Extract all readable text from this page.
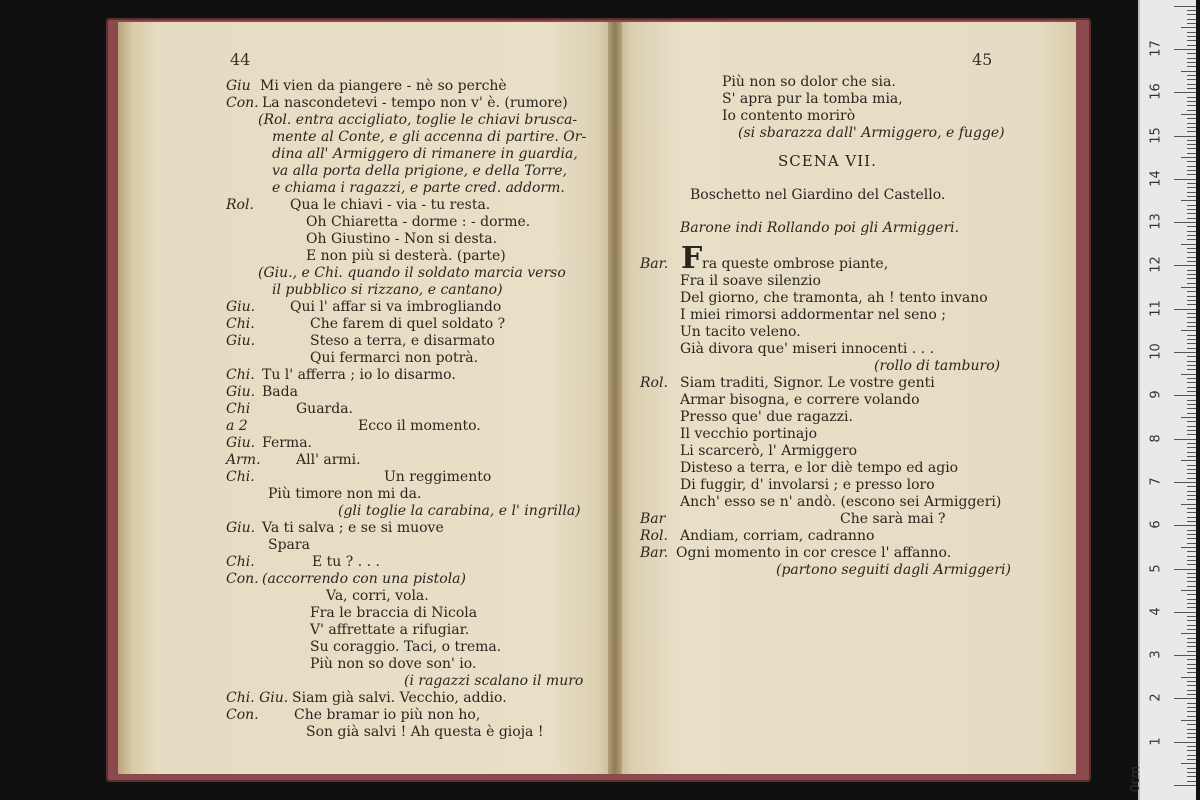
44	45
Giu Mi vien da piangere - nè so perchè
Con. La nascondetevi - tempo non v' è. (rumore)
(Rol. entra accigliato, toglie le chiavi brusca-
mente al Conte, e gli accenna di partire. Or-
dina all' Armiggero di rimanere in guardia,
va alla porta della prigione, e della Torre,
e chiama i ragazzi, e parte cred. addorm.
Rol.	Qua le chiavi - via - tu resta.
Oh Chiaretta - dorme : - dorme.
Oh Giustino - Non si desta.
E non più si desterà. (parte)
(Giu., e Chi. quando il soldato marcia verso
il pubblico si rizzano, e cantano)
Giu. Qui l' affar si va imbrogliando
Chi.	Che farem di quel soldato ?
Giu.	Steso a terra, e disarmato
Qui fermarci non potrà.
Chi. Tu l' afferra ; io lo disarmo.
Giu. Bada
Chi	Guarda.
a 2	Ecco il momento.
Giu. Ferma.
Arm.	All' armi.
Chi.	Un reggimento
Più timore non mi da.
(gli toglie la carabina, e l' ingrilla)
Giu. Va ti salva ; e se si muove
Spara
Chi.	E tu ? . . .
Con. (accorrendo con una pistola)
Va, corri, vola.
Fra le braccia di Nicola
V' affrettate a rifugiar.
Su coraggio. Taci, o trema.
Più non so dove son' io.
(i ragazzi scalano il muro
Chi. Giu. Siam già salvi. Vecchio, addio.
Con.	Che bramar io più non ho,
Son già salvi ! Ah questa è gioja !
Più non so dolor che sia.
S' apra pur la tomba mia,
Io contento morirò
(si sbarazza dall' Armiggero, e fugge)
Bar. ra queste ombrose piante,
Fra il soave silenzio
Del giorno, che tramonta, ah ! tento invano
I miei rimorsi addormentar nel seno ;
Un tacito veleno.
Già divora que' miseri innocenti . . .
(rollo di tamburo)
Rol. Siam traditi, Signor. Le vostre genti
Armar bisogna, e correre volando
Presso que' due ragazzi.
Il vecchio portinajo
Li scarcerò, l' Armiggero
Disteso a terra, e lor diè tempo ed agio
Di fuggir, d' involarsi ; e presso loro
Anch' esso se n' andò. (escono sei Armiggeri)
Bar	Che sarà mai ?
Rol. Andiam, corriam, cadranno
Bar. Ogni momento in cor cresce l' affanno.
(partono seguiti dagli Armiggeri)
SCENA VII.
Boschetto nel Giardino del Castello.
Barone indi Rollando poi gli Armiggeri.
F
0cm
1
2
3
4
5
6
7
8
9
10
11
12
13
14
15
16
17
